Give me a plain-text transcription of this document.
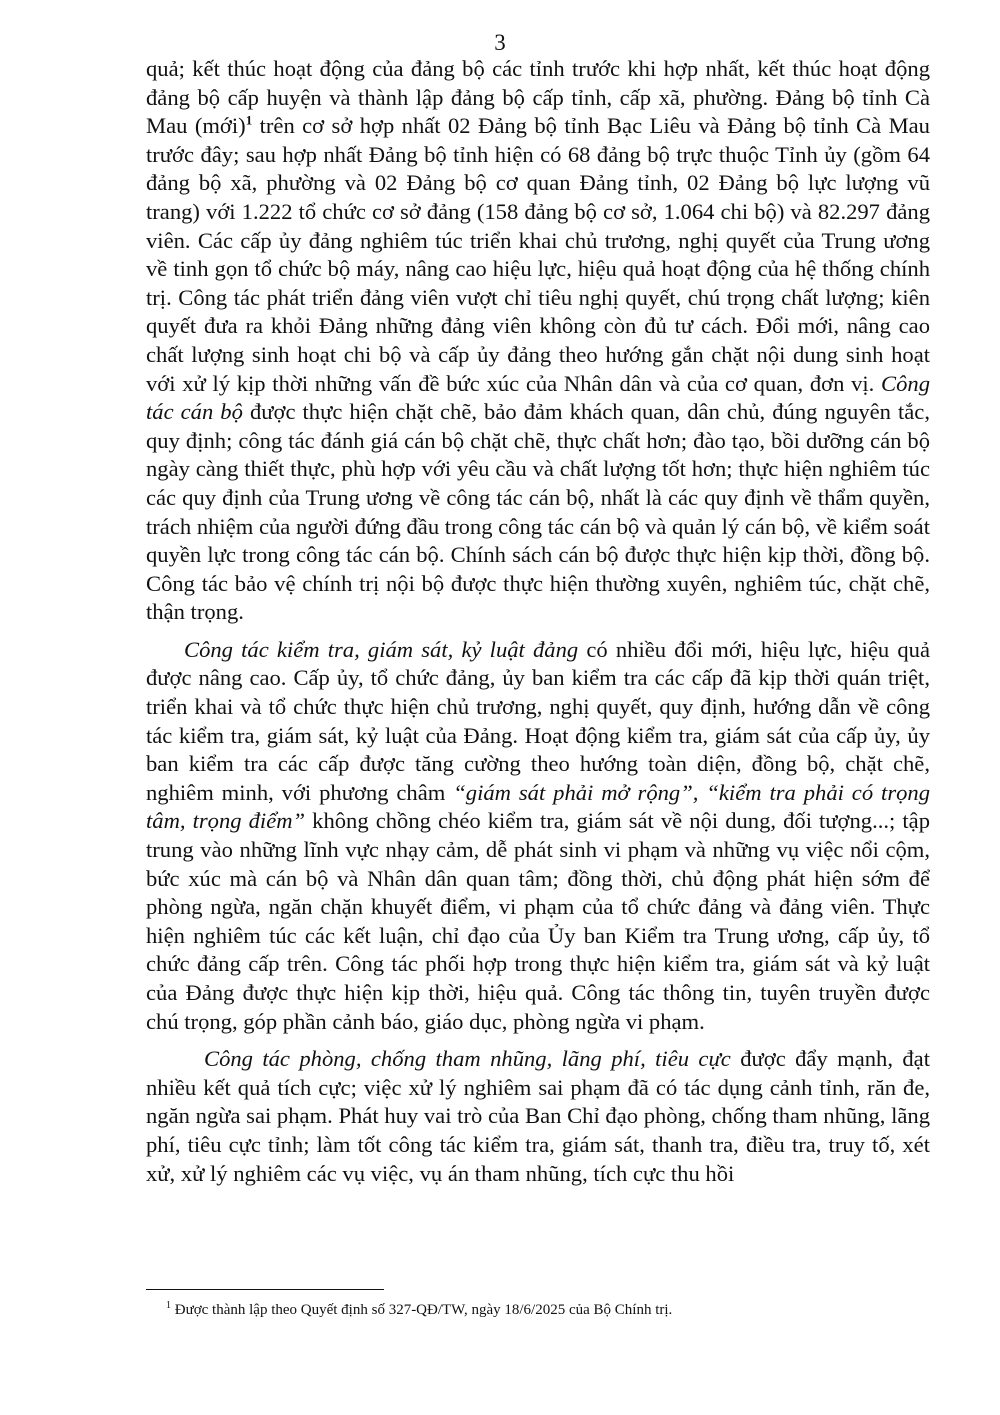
3

quả; kết thúc hoạt động của đảng bộ các tỉnh trước khi hợp nhất, kết thúc hoạt động đảng bộ cấp huyện và thành lập đảng bộ cấp tỉnh, cấp xã, phường. Đảng bộ tỉnh Cà Mau (mới)$^1$ trên cơ sở hợp nhất 02 Đảng bộ tỉnh Bạc Liêu và Đảng bộ tỉnh Cà Mau trước đây; sau hợp nhất Đảng bộ tỉnh hiện có 68 đảng bộ trực thuộc Tỉnh ủy (gồm 64 đảng bộ xã, phường và 02 Đảng bộ cơ quan Đảng tỉnh, 02 Đảng bộ lực lượng vũ trang) với 1.222 tổ chức cơ sở đảng (158 đảng bộ cơ sở, 1.064 chi bộ) và 82.297 đảng viên. Các cấp ủy đảng nghiêm túc triển khai chủ trương, nghị quyết của Trung ương về tinh gọn tổ chức bộ máy, nâng cao hiệu lực, hiệu quả hoạt động của hệ thống chính trị. Công tác phát triển đảng viên vượt chỉ tiêu nghị quyết, chú trọng chất lượng; kiên quyết đưa ra khỏi Đảng những đảng viên không còn đủ tư cách. Đổi mới, nâng cao chất lượng sinh hoạt chi bộ và cấp ủy đảng theo hướng gắn chặt nội dung sinh hoạt với xử lý kịp thời những vấn đề bức xúc của Nhân dân và của cơ quan, đơn vị. Công tác cán bộ được thực hiện chặt chẽ, bảo đảm khách quan, dân chủ, đúng nguyên tắc, quy định; công tác đánh giá cán bộ chặt chẽ, thực chất hơn; đào tạo, bồi dưỡng cán bộ ngày càng thiết thực, phù hợp với yêu cầu và chất lượng tốt hơn; thực hiện nghiêm túc các quy định của Trung ương về công tác cán bộ, nhất là các quy định về thẩm quyền, trách nhiệm của người đứng đầu trong công tác cán bộ và quản lý cán bộ, về kiểm soát quyền lực trong công tác cán bộ. Chính sách cán bộ được thực hiện kịp thời, đồng bộ. Công tác bảo vệ chính trị nội bộ được thực hiện thường xuyên, nghiêm túc, chặt chẽ, thận trọng.

Công tác kiểm tra, giám sát, kỷ luật đảng có nhiều đổi mới, hiệu lực, hiệu quả được nâng cao. Cấp ủy, tổ chức đảng, ủy ban kiểm tra các cấp đã kịp thời quán triệt, triển khai và tổ chức thực hiện chủ trương, nghị quyết, quy định, hướng dẫn về công tác kiểm tra, giám sát, kỷ luật của Đảng. Hoạt động kiểm tra, giám sát của cấp ủy, ủy ban kiểm tra các cấp được tăng cường theo hướng toàn diện, đồng bộ, chặt chẽ, nghiêm minh, với phương châm “giám sát phải mở rộng”, “kiểm tra phải có trọng tâm, trọng điểm” không chồng chéo kiểm tra, giám sát về nội dung, đối tượng...; tập trung vào những lĩnh vực nhạy cảm, dễ phát sinh vi phạm và những vụ việc nổi cộm, bức xúc mà cán bộ và Nhân dân quan tâm; đồng thời, chủ động phát hiện sớm để phòng ngừa, ngăn chặn khuyết điểm, vi phạm của tổ chức đảng và đảng viên. Thực hiện nghiêm túc các kết luận, chỉ đạo của Ủy ban Kiểm tra Trung ương, cấp ủy, tổ chức đảng cấp trên. Công tác phối hợp trong thực hiện kiểm tra, giám sát và kỷ luật của Đảng được thực hiện kịp thời, hiệu quả. Công tác thông tin, tuyên truyền được chú trọng, góp phần cảnh báo, giáo dục, phòng ngừa vi phạm.

Công tác phòng, chống tham nhũng, lãng phí, tiêu cực được đẩy mạnh, đạt nhiều kết quả tích cực; việc xử lý nghiêm sai phạm đã có tác dụng cảnh tỉnh, răn đe, ngăn ngừa sai phạm. Phát huy vai trò của Ban Chỉ đạo phòng, chống tham nhũng, lãng phí, tiêu cực tỉnh; làm tốt công tác kiểm tra, giám sát, thanh tra, điều tra, truy tố, xét xử, xử lý nghiêm các vụ việc, vụ án tham nhũng, tích cực thu hồi

$^1$ Được thành lập theo Quyết định số 327-QĐ/TW, ngày 18/6/2025 của Bộ Chính trị.
